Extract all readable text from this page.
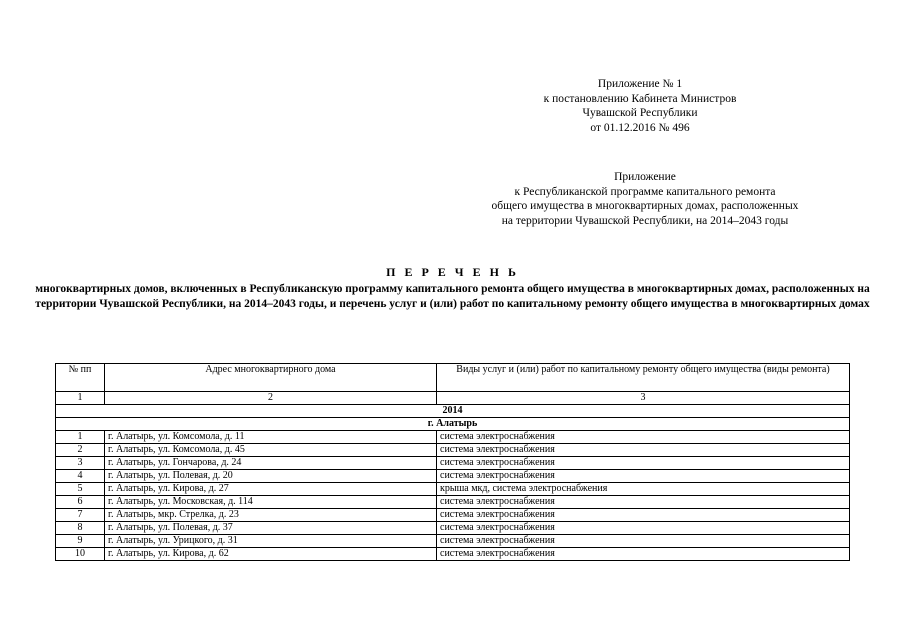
Приложение № 1
к постановлению Кабинета Министров
Чувашской Республики
от 01.12.2016 № 496
Приложение
к Республиканской программе капитального ремонта
общего имущества в многоквартирных домах, расположенных
на территории Чувашской Республики, на 2014–2043 годы
П Е Р Е Ч Е Н Ь
многоквартирных домов, включенных в Республиканскую программу капитального ремонта общего имущества в многоквартирных домах, расположенных на территории Чувашской Республики, на 2014–2043 годы, и перечень услуг и (или) работ по капитальному ремонту общего имущества в многоквартирных домах
№ пп	Адрес многоквартирного дома	Виды услуг и (или) работ по капитальному ремонту общего имущества (виды ремонта)
1	2	3
2014		
г. Алатырь		
1	г. Алатырь, ул. Комсомола, д. 11	система электроснабжения
2	г. Алатырь, ул. Комсомола, д. 45	система электроснабжения
3	г. Алатырь, ул. Гончарова, д. 24	система электроснабжения
4	г. Алатырь, ул. Полевая, д. 20	система электроснабжения
5	г. Алатырь, ул. Кирова, д. 27	крыша мкд, система электроснабжения
6	г. Алатырь, ул. Московская, д. 114	система электроснабжения
7	г. Алатырь, мкр. Стрелка, д. 23	система электроснабжения
8	г. Алатырь, ул. Полевая, д. 37	система электроснабжения
9	г. Алатырь, ул. Урицкого, д. 31	система электроснабжения
10	г. Алатырь, ул. Кирова, д. 62	система электроснабжения
